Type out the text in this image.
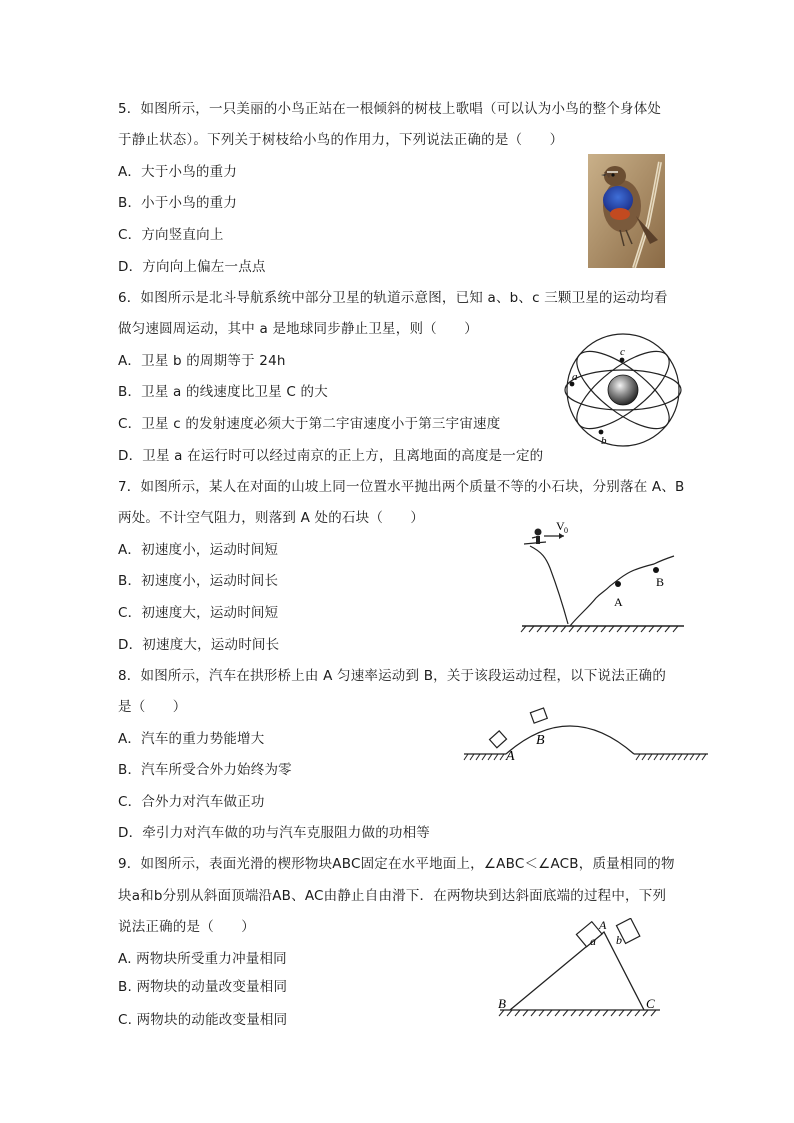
5．如图所示，一只美丽的小鸟正站在一根倾斜的树枝上歌唱（可以认为小鸟的整个身体处
于静止状态）。下列关于树枝给小鸟的作用力，下列说法正确的是（　　）
A．大于小鸟的重力
B．小于小鸟的重力
C．方向竖直向上
D．方向向上偏左一点点
6．如图所示是北斗导航系统中部分卫星的轨道示意图，已知 a、b、c 三颗卫星的运动均看
做匀速圆周运动，其中 a 是地球同步静止卫星，则（　　）
A．卫星 b 的周期等于 24h
B．卫星 a 的线速度比卫星 C 的大
C．卫星 c 的发射速度必须大于第二宇宙速度小于第三宇宙速度
D．卫星 a 在运行时可以经过南京的正上方，且离地面的高度是一定的
a
c
b
7．如图所示，某人在对面的山坡上同一位置水平抛出两个质量不等的小石块，分别落在 A、B
两处。不计空气阻力，则落到 A 处的石块（　　）
A．初速度小，运动时间短
B．初速度小，运动时间长
C．初速度大，运动时间短
D．初速度大，运动时间长
V 0
A
B
8．如图所示，汽车在拱形桥上由 A 匀速率运动到 B，关于该段运动过程，以下说法正确的
是（　　）
A．汽车的重力势能增大
B．汽车所受合外力始终为零
C．合外力对汽车做正功
D．牵引力对汽车做的功与汽车克服阻力做的功相等
A
B
9．如图所示，表面光滑的楔形物块ABC固定在水平地面上，∠ABC＜∠ACB，质量相同的物
块a和b分别从斜面顶端沿AB、AC由静止自由滑下．在两物块到达斜面底端的过程中，下列
说法正确的是（　　）
A. 两物块所受重力冲量相同
B. 两物块的动量改变量相同
C. 两物块的动能改变量相同
a b
A
B	C
